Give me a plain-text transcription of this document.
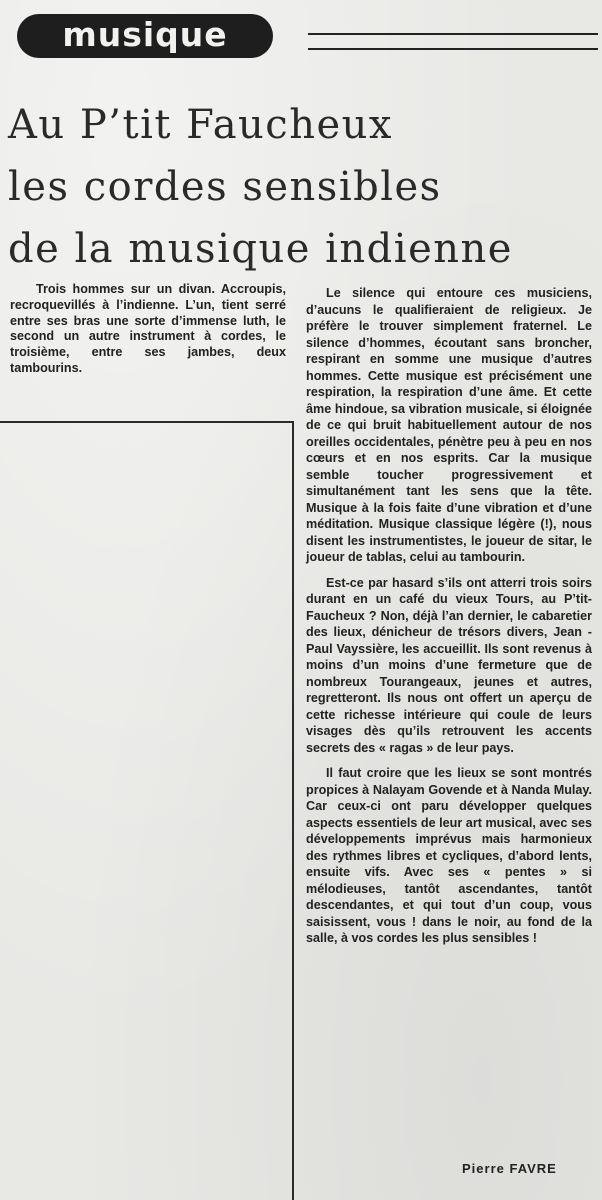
musique
Au P’tit Faucheux
les cordes sensibles
de la musique indienne
Trois hommes sur un divan. Accroupis, recroquevillés à l’indienne. L’un, tient serré entre ses bras une sorte d’immense luth, le second un autre instrument à cordes, le troisième, entre ses jambes, deux tambourins.

Le silence qui entoure ces musiciens, d’aucuns le qualifieraient de religieux. Je préfère le trouver simplement fraternel. Le silence d’hommes, écoutant sans broncher, respirant en somme une musique d’autres hommes. Cette musique est précisément une respiration, la respiration d’une âme. Et cette âme hindoue, sa vibration musicale, si éloignée de ce qui bruit habituellement autour de nos oreilles occidentales, pénètre peu à peu en nos cœurs et en nos esprits. Car la musique semble toucher progressivement et simultanément tant les sens que la tête. Musique à la fois faite d’une vibration et d’une méditation. Musique classique légère (!), nous disent les instrumentistes, le joueur de sitar, le joueur de tablas, celui au tambourin.

Est-ce par hasard s’ils ont atterri trois soirs durant en un café du vieux Tours, au P’tit-Faucheux ? Non, déjà l’an dernier, le cabaretier des lieux, dénicheur de trésors divers, Jean - Paul Vayssière, les accueillit. Ils sont revenus à moins d’un moins d’une fermeture que de nombreux Tourangeaux, jeunes et autres, regretteront. Ils nous ont offert un aperçu de cette richesse intérieure qui coule de leurs visages dès qu’ils retrouvent les accents secrets des « ragas » de leur pays.

Il faut croire que les lieux se sont montrés propices à Nalayam Govende et à Nanda Mulay. Car ceux-ci ont paru développer quelques aspects essentiels de leur art musical, avec ses développements imprévus mais harmonieux des rythmes libres et cycliques, d’abord lents, ensuite vifs. Avec ses « pentes » si mélodieuses, tantôt ascendantes, tantôt descendantes, et qui tout d’un coup, vous saisissent, vous ! dans le noir, au fond de la salle, à vos cordes les plus sensibles !

Pierre FAVRE
